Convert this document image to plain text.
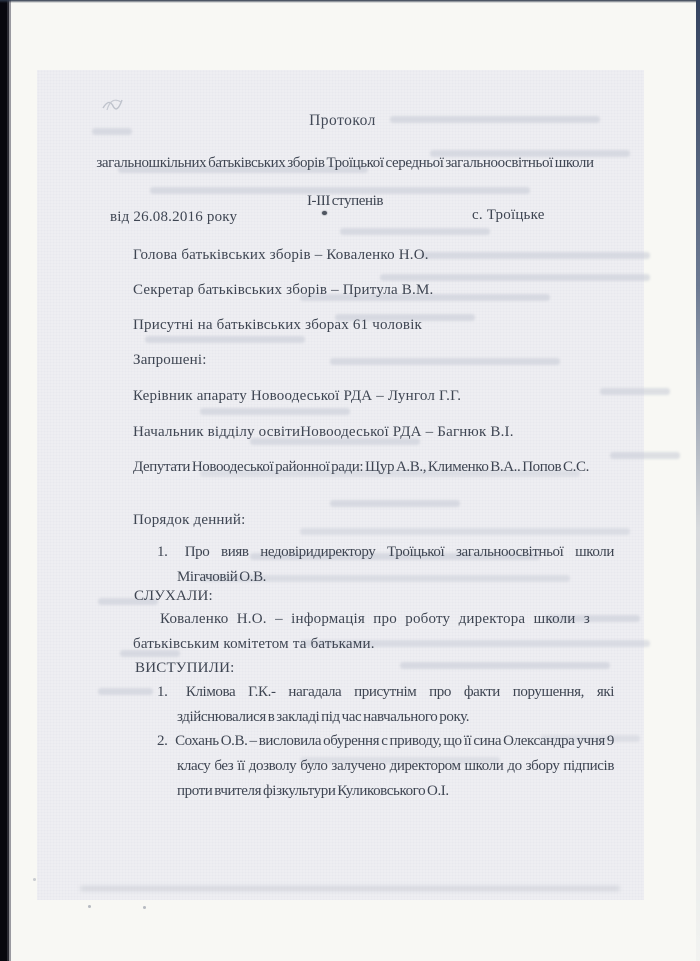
Протокол
загальношкільних батьківських зборів Троїцької середньої загальноосвітньої школи І-ІІІ ступенів
від 26.08.2016 року	с. Троїцьке
Голова батьківських зборів – Коваленко Н.О.
Секретар батьківських зборів – Притула В.М.
Присутні на батьківських зборах 61 чоловік
Запрошені:
Керівник апарату Новоодеської РДА – Лунгол Г.Г.
Начальник відділу освітиНовоодеської РДА – Багнюк В.І.
Депутати Новоодеської районної ради: Щур А.В., Клименко В.А.. Попов С.С.
Порядок денний:
1. Про вияв недовіридиректору Троїцької загальноосвітньої школи Мігачовій О.В.
СЛУХАЛИ:
Коваленко Н.О. – інформація про роботу директора школи з батьківським комітетом та батьками.
ВИСТУПИЛИ:
1. Клімова Г.К.- нагадала присутнім про факти порушення, які здійснювалися в закладі під час навчального року.
2. Сохань О.В. – висловила обурення с приводу, що її сина Олександра учня 9 класу без її дозволу було залучено директором школи до збору підписів проти вчителя фізкультури Куликовського О.І.
